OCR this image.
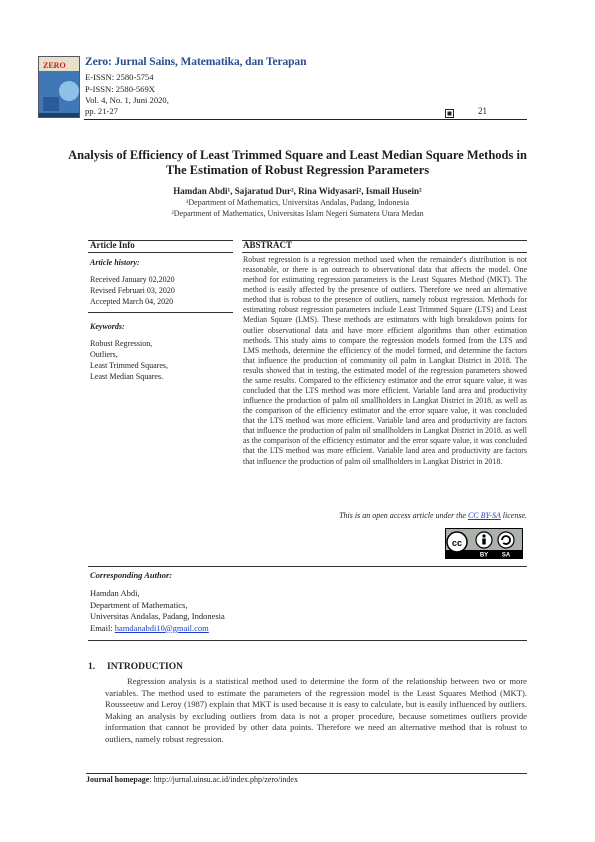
ZERO Zero: Jurnal Sains, Matematika, dan Terapan
E-ISSN: 2580-5754
P-ISSN: 2580-569X
Vol. 4, No. 1, Juni 2020,
pp. 21-27	21
Analysis of Efficiency of Least Trimmed Square and Least Median Square Methods in The Estimation of Robust Regression Parameters
Hamdan Abdi¹, Sajaratud Dur², Rina Widyasari², Ismail Husein²
¹Department of Mathematics, Universitas Andalas, Padang, Indonesia
²Department of Mathematics, Universitas Islam Negeri Sumatera Utara Medan
Article Info	ABSTRACT
Article history:
Received January 02,2020
Revised Februari 03, 2020
Accepted March 04, 2020
Keywords:
Robust Regression,
Outliers,
Least Trimmed Squares,
Least Median Squares.
Robust regression is a regression method used when the remainder's distribution is not reasonable, or there is an outreach to observational data that affects the model. One method for estimating regression parameters is the Least Squares Method (MKT). The method is easily affected by the presence of outliers. Therefore we need an alternative method that is robust to the presence of outliers, namely robust regression. Methods for estimating robust regression parameters include Least Trimmed Square (LTS) and Least Median Square (LMS). These methods are estimators with high breakdown points for outlier observational data and have more efficient algorithms than other estimation methods. This study aims to compare the regression models formed from the LTS and LMS methods, determine the efficiency of the model formed, and determine the factors that influence the production of community oil palm in Langkat District in 2018. The results showed that in testing, the estimated model of the regression parameters showed the same results. Compared to the efficiency estimator and the error square value, it was concluded that the LTS method was more efficient. Variable land area and productivity influence the production of palm oil smallholders in Langkat District in 2018. as well as the comparison of the efficiency estimator and the error square value, it was concluded that the LTS method was more efficient. Variable land area and productivity are factors that influence the production of palm oil smallholders in Langkat District in 2018. as well as the comparison of the efficiency estimator and the error square value, it was concluded that the LTS method was more efficient. Variable land area and productivity are factors that influence the production of palm oil smallholders in Langkat District in 2018.
This is an open access article under the CC BY-SA license.
cc
BY SA
Corresponding Author:
Hamdan Abdi,
Department of Mathematics,
Universitas Andalas, Padang, Indonesia
Email: hamdanabdi10@gmail.com
1. INTRODUCTION
Regression analysis is a statistical method used to determine the form of the relationship between two or more variables. The method used to estimate the parameters of the regression model is the Least Squares Method (MKT). Rousseeuw and Leroy (1987) explain that MKT is used because it is easy to calculate, but is easily influenced by outliers. Making an analysis by excluding outliers from data is not a proper procedure, because sometimes outliers provide information that cannot be provided by other data points. Therefore we need an alternative method that is robust to outliers, namely robust regression.
Journal homepage: http://jurnal.uinsu.ac.id/index.php/zero/index
